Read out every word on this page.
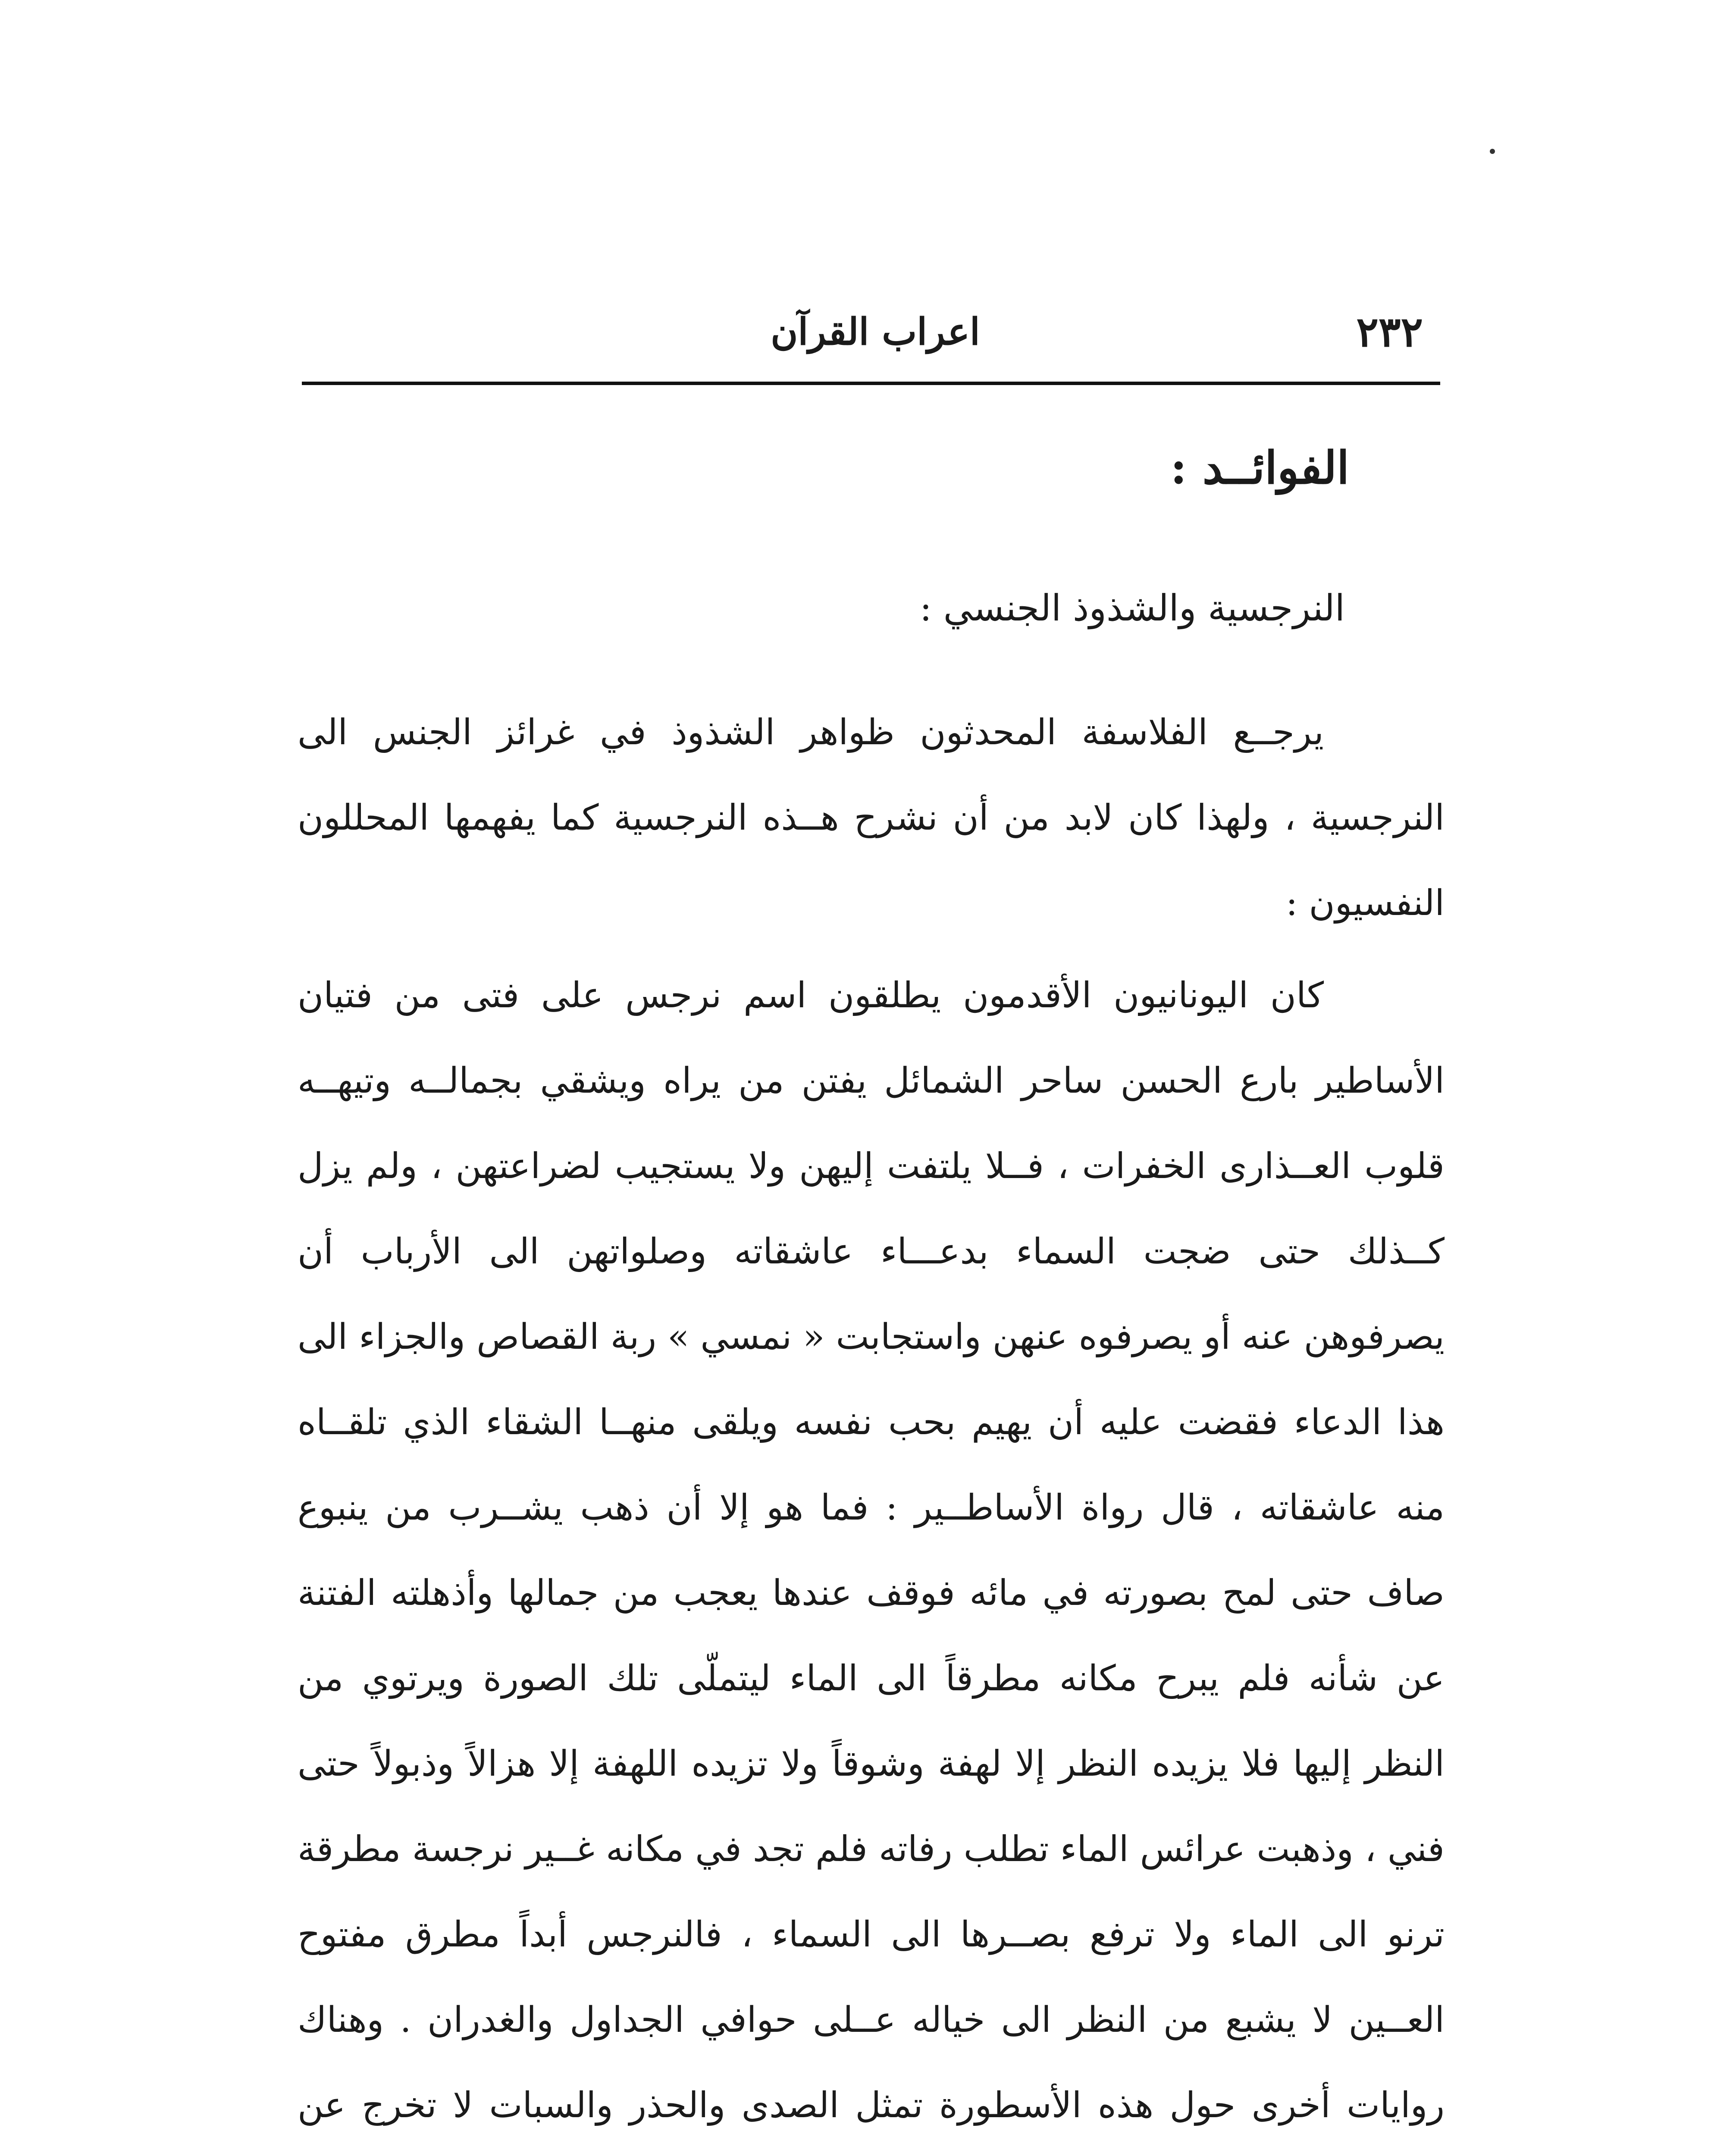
٢٣٢
اعراب القرآن
الفوائــد :
النرجسية والشذوذ الجنسي :

يرجــع الفلاسفة المحدثون ظواهر الشذوذ في غرائز الجنس الى النرجسية ، ولهذا كان لابد من أن نشرح هــذه النرجسية كما يفهمها المحللون النفسيون :

كان اليونانيون الأقدمون يطلقون اسم نرجس على فتى من فتيان الأساطير بارع الحسن ساحر الشمائل يفتن من يراه ويشقي بجمالــه وتيهــه قلوب العــذارى الخفرات ، فــلا يلتفت إليهن ولا يستجيب لضراعتهن ، ولم يزل كــذلك حتى ضجت السماء بدعـــاء عاشقاته وصلواتهن الى الأرباب أن يصرفوهن عنه أو يصرفوه عنهن واستجابت « نمسي » ربة القصاص والجزاء الى هذا الدعاء فقضت عليه أن يهيم بحب نفسه ويلقى منهــا الشقاء الذي تلقــاه منه عاشقاته ، قال رواة الأساطــير : فما هو إلا أن ذهب يشــرب من ينبوع صاف حتى لمح بصورته في مائه فوقف عندها يعجب من جمالها وأذهلته الفتنة عن شأنه فلم يبرح مكانه مطرقاً الى الماء ليتملّى تلك الصورة ويرتوي من النظر إليها فلا يزيده النظر إلا لهفة وشوقاً ولا تزيده اللهفة إلا هزالاً وذبولاً حتى فني ، وذهبت عرائس الماء تطلب رفاته فلم تجد في مكانه غــير نرجسة مطرقة ترنو الى الماء ولا ترفع بصــرها الى السماء ، فالنرجس أبداً مطرق مفتوح العــين لا يشبع من النظر الى خياله عــلى حوافي الجداول والغدران . وهناك روايات أخرى حول هذه الأسطورة تمثل الصدى والحذر والسبات لا تخرج عن
